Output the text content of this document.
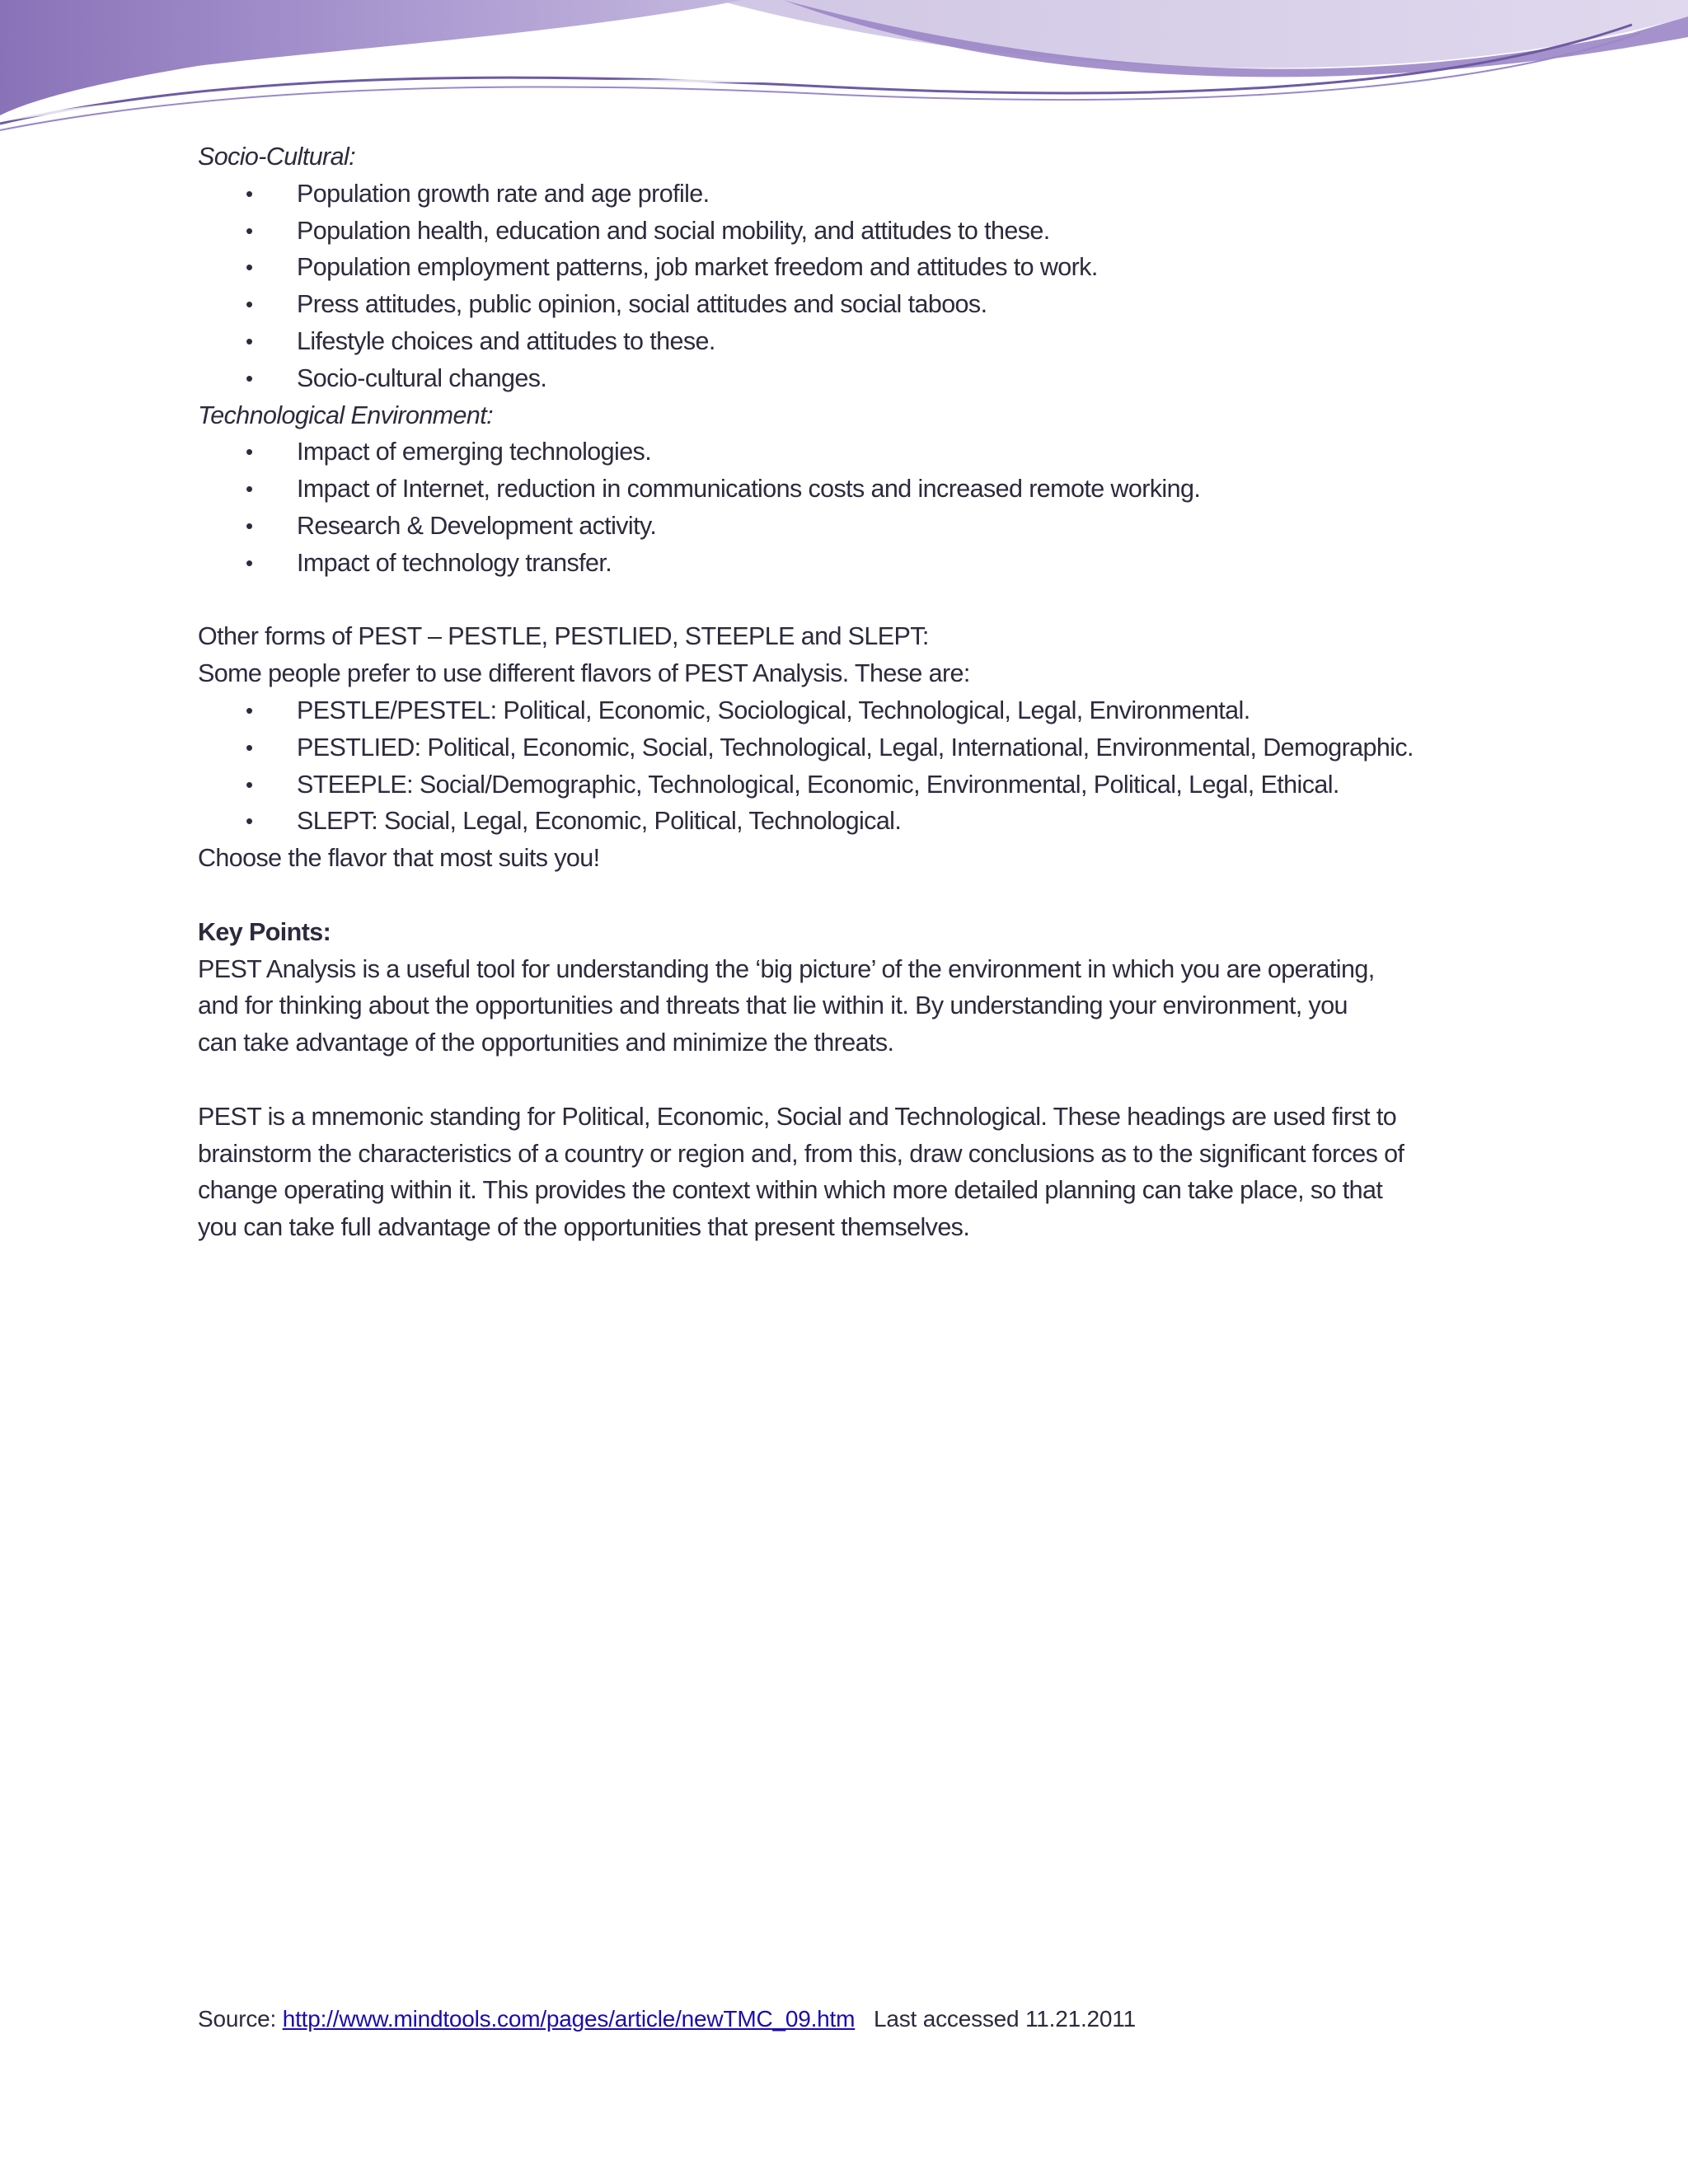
Socio-Cultural:

• Population growth rate and age profile.
• Population health, education and social mobility, and attitudes to these.
• Population employment patterns, job market freedom and attitudes to work.
• Press attitudes, public opinion, social attitudes and social taboos.
• Lifestyle choices and attitudes to these.
• Socio-cultural changes.

Technological Environment:

• Impact of emerging technologies.
• Impact of Internet, reduction in communications costs and increased remote working.
• Research & Development activity.
• Impact of technology transfer.

Other forms of PEST – PESTLE, PESTLIED, STEEPLE and SLEPT:

Some people prefer to use different flavors of PEST Analysis. These are:

• PESTLE/PESTEL: Political, Economic, Sociological, Technological, Legal, Environmental.
• PESTLIED: Political, Economic, Social, Technological, Legal, International, Environmental, Demographic.
• STEEPLE: Social/Demographic, Technological, Economic, Environmental, Political, Legal, Ethical.
• SLEPT: Social, Legal, Economic, Political, Technological.

Choose the flavor that most suits you!

Key Points:

PEST Analysis is a useful tool for understanding the ‘big picture’ of the environment in which you are operating,

and for thinking about the opportunities and threats that lie within it. By understanding your environment, you

can take advantage of the opportunities and minimize the threats.

PEST is a mnemonic standing for Political, Economic, Social and Technological. These headings are used first to

brainstorm the characteristics of a country or region and, from this, draw conclusions as to the significant forces of

change operating within it. This provides the context within which more detailed planning can take place, so that

you can take full advantage of the opportunities that present themselves.

Source: http://www.mindtools.com/pages/article/newTMC_09.htm Last accessed 11.21.2011
